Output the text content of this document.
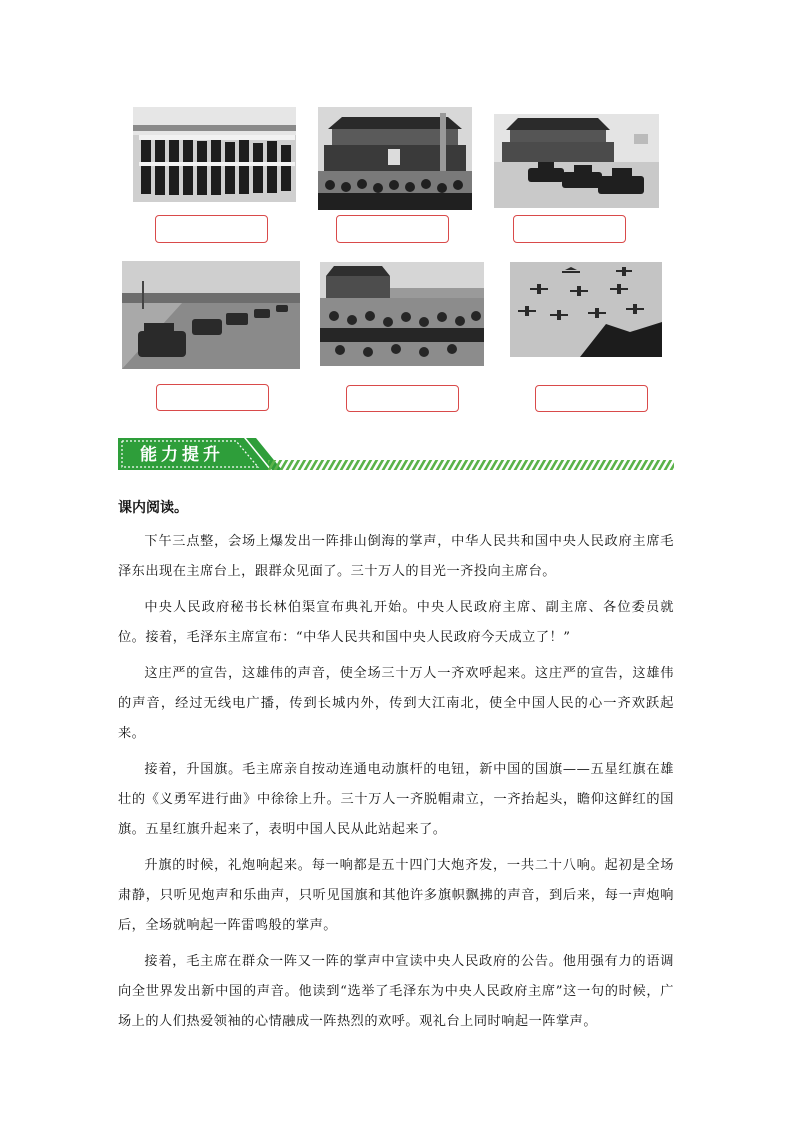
能力提升
课内阅读。

下午三点整，会场上爆发出一阵排山倒海的掌声，中华人民共和国中央人民政府主席毛泽东出现在主席台上，跟群众见面了。三十万人的目光一齐投向主席台。

中央人民政府秘书长林伯渠宣布典礼开始。中央人民政府主席、副主席、各位委员就位。接着，毛泽东主席宣布：“中华人民共和国中央人民政府今天成立了！”

这庄严的宣告，这雄伟的声音，使全场三十万人一齐欢呼起来。这庄严的宣告，这雄伟的声音，经过无线电广播，传到长城内外，传到大江南北，使全中国人民的心一齐欢跃起来。

接着，升国旗。毛主席亲自按动连通电动旗杆的电钮，新中国的国旗——五星红旗在雄壮的《义勇军进行曲》中徐徐上升。三十万人一齐脱帽肃立，一齐抬起头，瞻仰这鲜红的国旗。五星红旗升起来了，表明中国人民从此站起来了。

升旗的时候，礼炮响起来。每一响都是五十四门大炮齐发，一共二十八响。起初是全场肃静，只听见炮声和乐曲声，只听见国旗和其他许多旗帜飘拂的声音，到后来，每一声炮响后，全场就响起一阵雷鸣般的掌声。

接着，毛主席在群众一阵又一阵的掌声中宣读中央人民政府的公告。他用强有力的语调向全世界发出新中国的声音。他读到“选举了毛泽东为中央人民政府主席”这一句的时候，广场上的人们热爱领袖的心情融成一阵热烈的欢呼。观礼台上同时响起一阵掌声。
